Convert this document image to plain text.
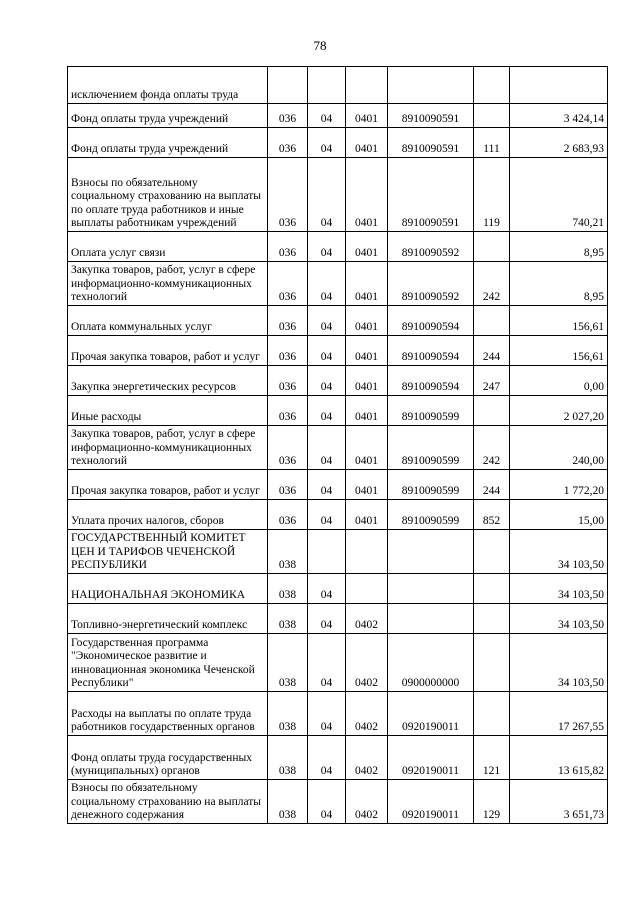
78
исключением фонда оплаты труда						
Фонд оплаты труда учреждений	036	04	0401	8910090591		3 424,14
Фонд оплаты труда учреждений	036	04	0401	8910090591	111	2 683,93
Взносы по обязательному социальному страхованию на выплаты по оплате труда работников и иные выплаты работникам учреждений	036	04	0401	8910090591	119	740,21
Оплата услуг связи	036	04	0401	8910090592		8,95
Закупка товаров, работ, услуг в сфере информационно-коммуникационных технологий	036	04	0401	8910090592	242	8,95
Оплата коммунальных услуг	036	04	0401	8910090594		156,61
Прочая закупка товаров, работ и услуг	036	04	0401	8910090594	244	156,61
Закупка энергетических ресурсов	036	04	0401	8910090594	247	0,00
Иные расходы	036	04	0401	8910090599		2 027,20
Закупка товаров, работ, услуг в сфере информационно-коммуникационных технологий	036	04	0401	8910090599	242	240,00
Прочая закупка товаров, работ и услуг	036	04	0401	8910090599	244	1 772,20
Уплата прочих налогов, сборов	036	04	0401	8910090599	852	15,00
ГОСУДАРСТВЕННЫЙ КОМИТЕТ ЦЕН И ТАРИФОВ ЧЕЧЕНСКОЙ РЕСПУБЛИКИ	038					34 103,50
НАЦИОНАЛЬНАЯ ЭКОНОМИКА	038	04				34 103,50
Топливно-энергетический комплекс	038	04	0402			34 103,50
Государственная программа "Экономическое развитие и инновационная экономика Чеченской Республики"	038	04	0402	0900000000		34 103,50
Расходы на выплаты по оплате труда работников государственных органов	038	04	0402	0920190011		17 267,55
Фонд оплаты труда государственных (муниципальных) органов	038	04	0402	0920190011	121	13 615,82
Взносы по обязательному социальному страхованию на выплаты денежного содержания	038	04	0402	0920190011	129	3 651,73
